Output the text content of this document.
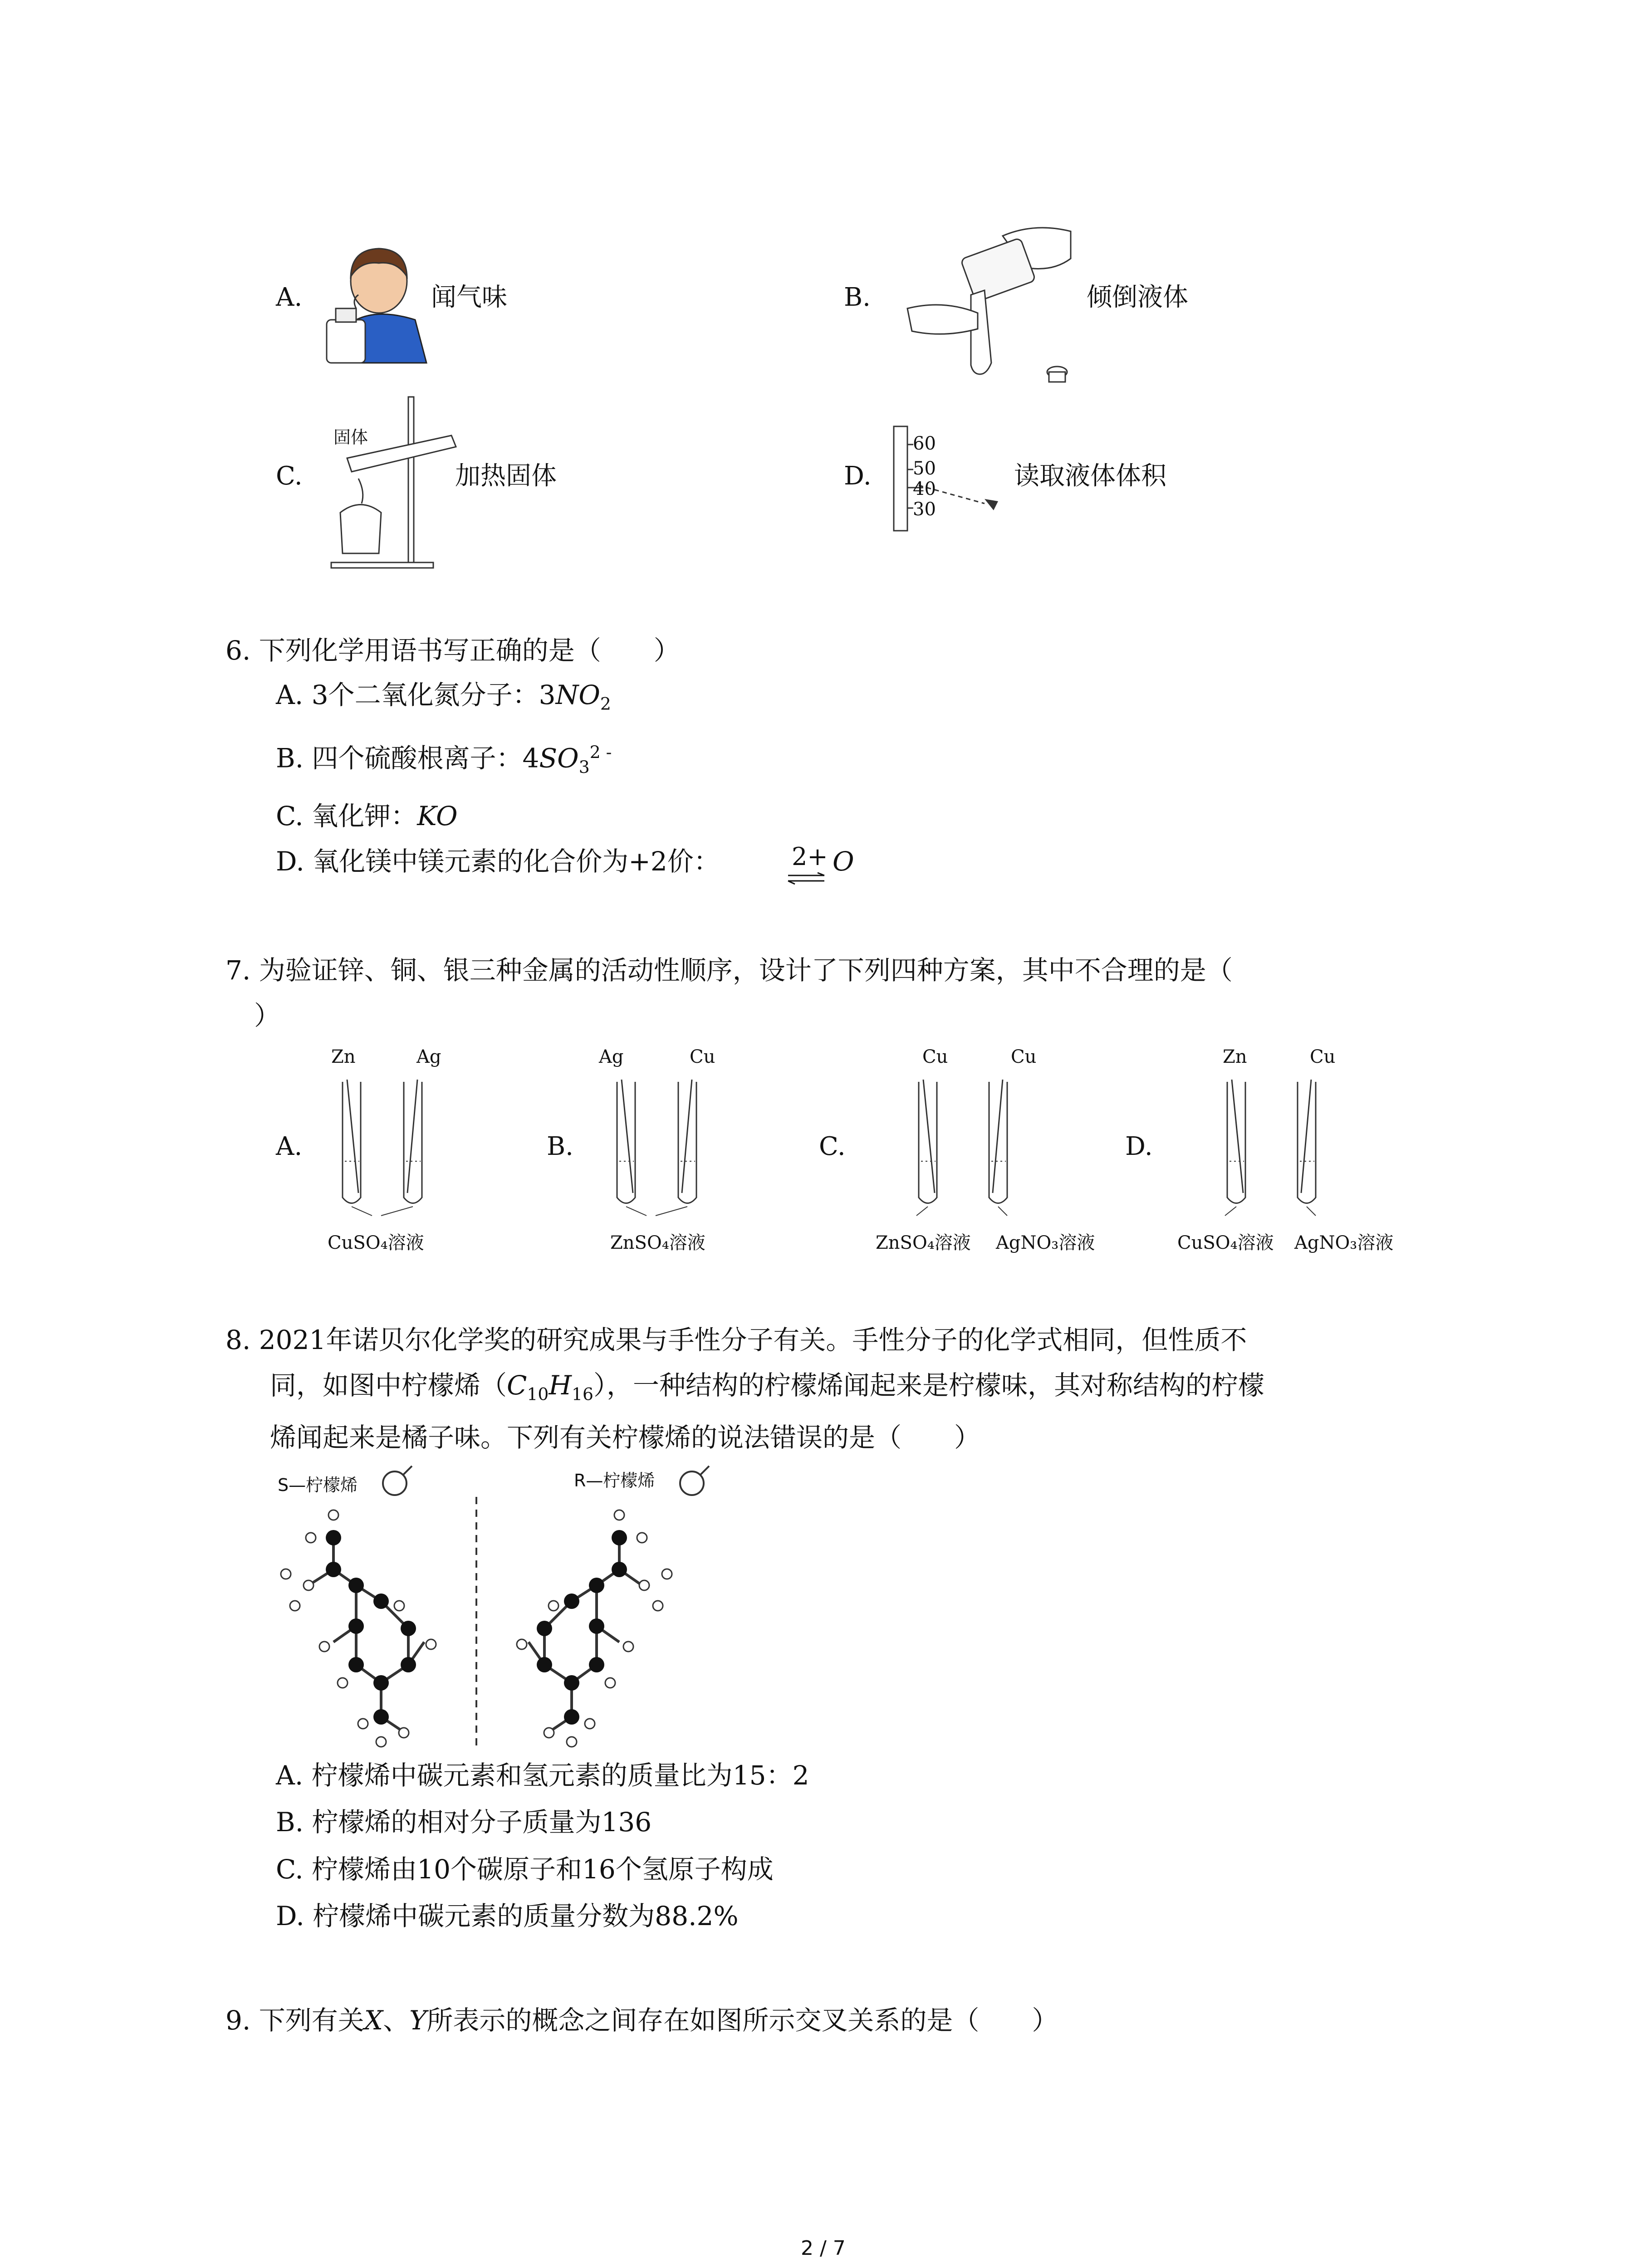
A.	闻气味	B.	倾倒液体
C.
固体
加热固体	D.
60
50
40
30
读取液体体积
6. 下列化学用语书写正确的是（　　）
A. 3个二氧化氮分子：$3NO_2$
B. 四个硫酸根离子：$4SO_3^{2 -}$
C. 氧化钾：KO
D. 氧化镁中镁元素的化合价为+2价：	2+ O
7. 为验证锌、铜、银三种金属的活动性顺序，设计了下列四种方案，其中不合理的是（
）
A.
Zn	Ag
CuSO₄溶液
B.
Ag	Cu
ZnSO₄溶液
C.
Cu	Cu
ZnSO₄溶液 AgNO₃溶液
D.
Zn	Cu
CuSO₄溶液 AgNO₃溶液
8. 2021年诺贝尔化学奖的研究成果与手性分子有关。手性分子的化学式相同，但性质不
同，如图中柠檬烯$(C_{10}H_{16})$，一种结构的柠檬烯闻起来是柠檬味，其对称结构的柠檬
烯闻起来是橘子味。下列有关柠檬烯的说法错误的是（　　）
S—柠檬烯	R—柠檬烯
A. 柠檬烯中碳元素和氢元素的质量比为15：2
B. 柠檬烯的相对分子质量为136
C. 柠檬烯由10个碳原子和16个氢原子构成
D. 柠檬烯中碳元素的质量分数为88.2%
9. 下列有关X、Y所表示的概念之间存在如图所示交叉关系的是（　　）
2 / 7
